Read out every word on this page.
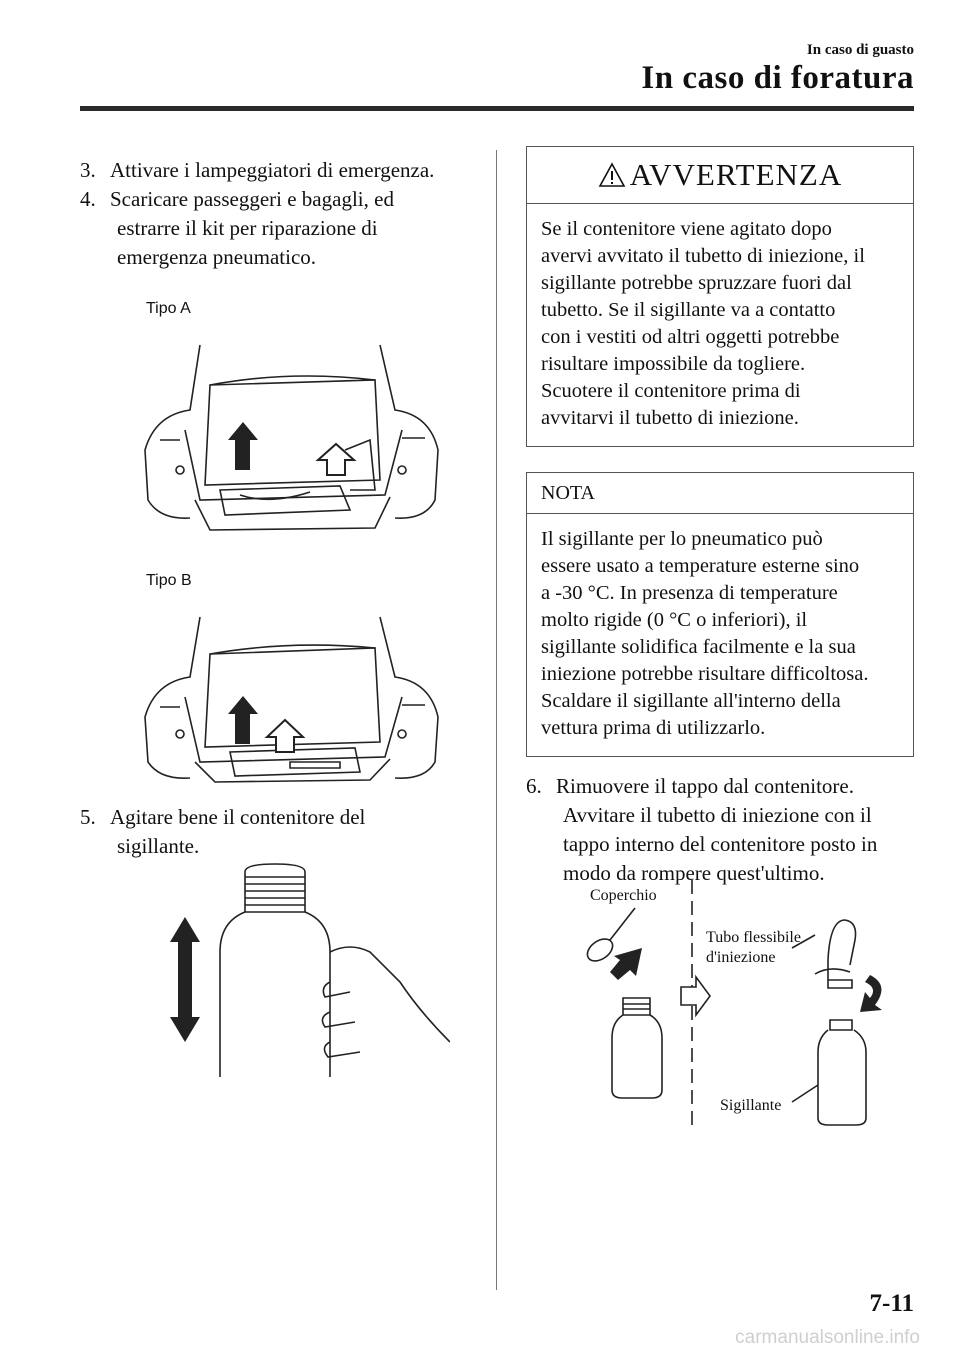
In caso di guasto
In caso di foratura
3. Attivare i lampeggiatori di emergenza.
4. Scaricare passeggeri e bagagli, ed
estrarre il kit per riparazione di
emergenza pneumatico.
Tipo A
Tipo B
5. Agitare bene il contenitore del
sigillante.
AVVERTENZA
Se il contenitore viene agitato dopo
avervi avvitato il tubetto di iniezione, il
sigillante potrebbe spruzzare fuori dal
tubetto. Se il sigillante va a contatto
con i vestiti od altri oggetti potrebbe
risultare impossibile da togliere.
Scuotere il contenitore prima di
avvitarvi il tubetto di iniezione.
NOTA
Il sigillante per lo pneumatico può
essere usato a temperature esterne sino
a -30 °C. In presenza di temperature
molto rigide (0 °C o inferiori), il
sigillante solidifica facilmente e la sua
iniezione potrebbe risultare difficoltosa.
Scaldare il sigillante all'interno della
vettura prima di utilizzarlo.
6. Rimuovere il tappo dal contenitore.
Avvitare il tubetto di iniezione con il
tappo interno del contenitore posto in
modo da rompere quest'ultimo.
Coperchio
Tubo flessibile
d'iniezione
Sigillante
7-11
carmanualsonline.info
